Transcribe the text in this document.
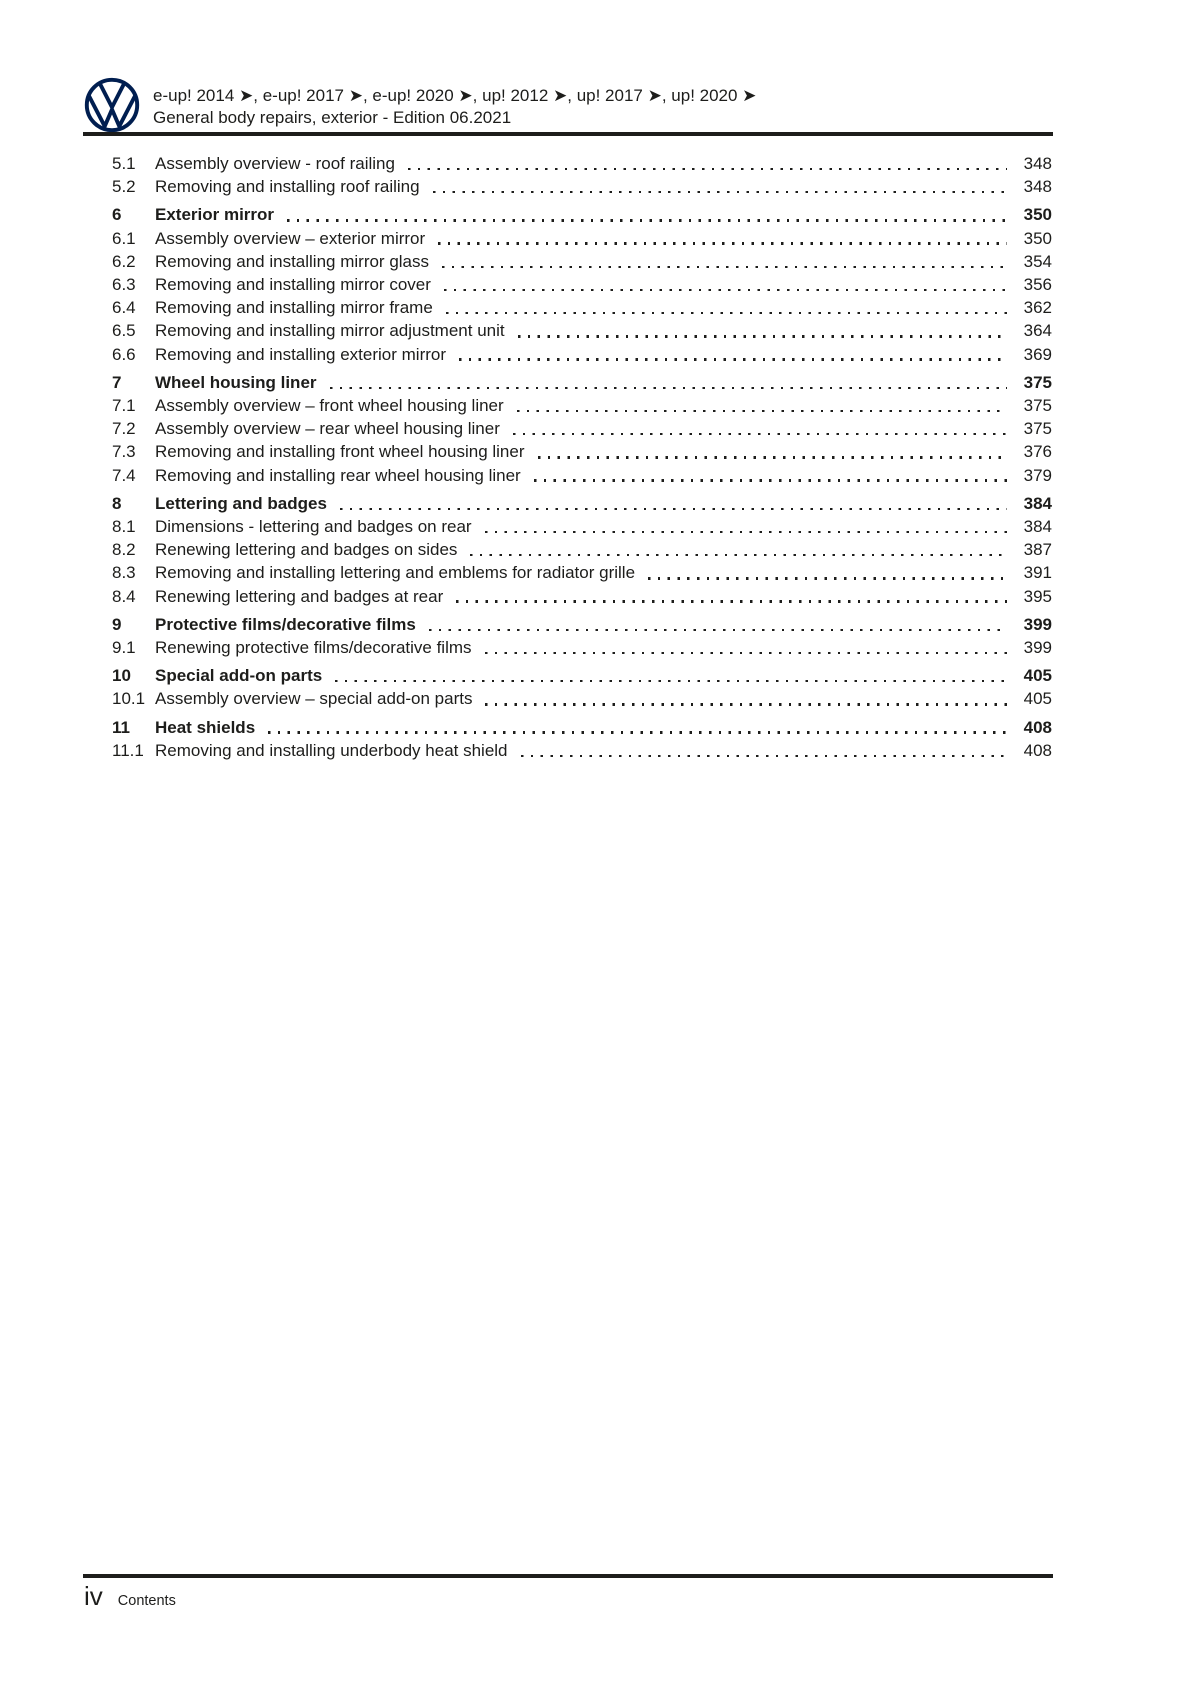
e-up! 2014 ➤, e-up! 2017 ➤, e-up! 2020 ➤, up! 2012 ➤, up! 2017 ➤, up! 2020 ➤
General body repairs, exterior - Edition 06.2021
5.1	Assembly overview - roof railing	348
5.2	Removing and installing roof railing	348
6	Exterior mirror	350
6.1	Assembly overview – exterior mirror	350
6.2	Removing and installing mirror glass	354
6.3	Removing and installing mirror cover	356
6.4	Removing and installing mirror frame	362
6.5	Removing and installing mirror adjustment unit	364
6.6	Removing and installing exterior mirror	369
7	Wheel housing liner	375
7.1	Assembly overview – front wheel housing liner	375
7.2	Assembly overview – rear wheel housing liner	375
7.3	Removing and installing front wheel housing liner	376
7.4	Removing and installing rear wheel housing liner	379
8	Lettering and badges	384
8.1	Dimensions - lettering and badges on rear	384
8.2	Renewing lettering and badges on sides	387
8.3	Removing and installing lettering and emblems for radiator grille	391
8.4	Renewing lettering and badges at rear	395
9	Protective films/decorative films	399
9.1	Renewing protective films/decorative films	399
10	Special add-on parts	405
10.1 Assembly overview – special add-on parts	405
11	Heat shields	408
11.1 Removing and installing underbody heat shield	408
iv Contents
